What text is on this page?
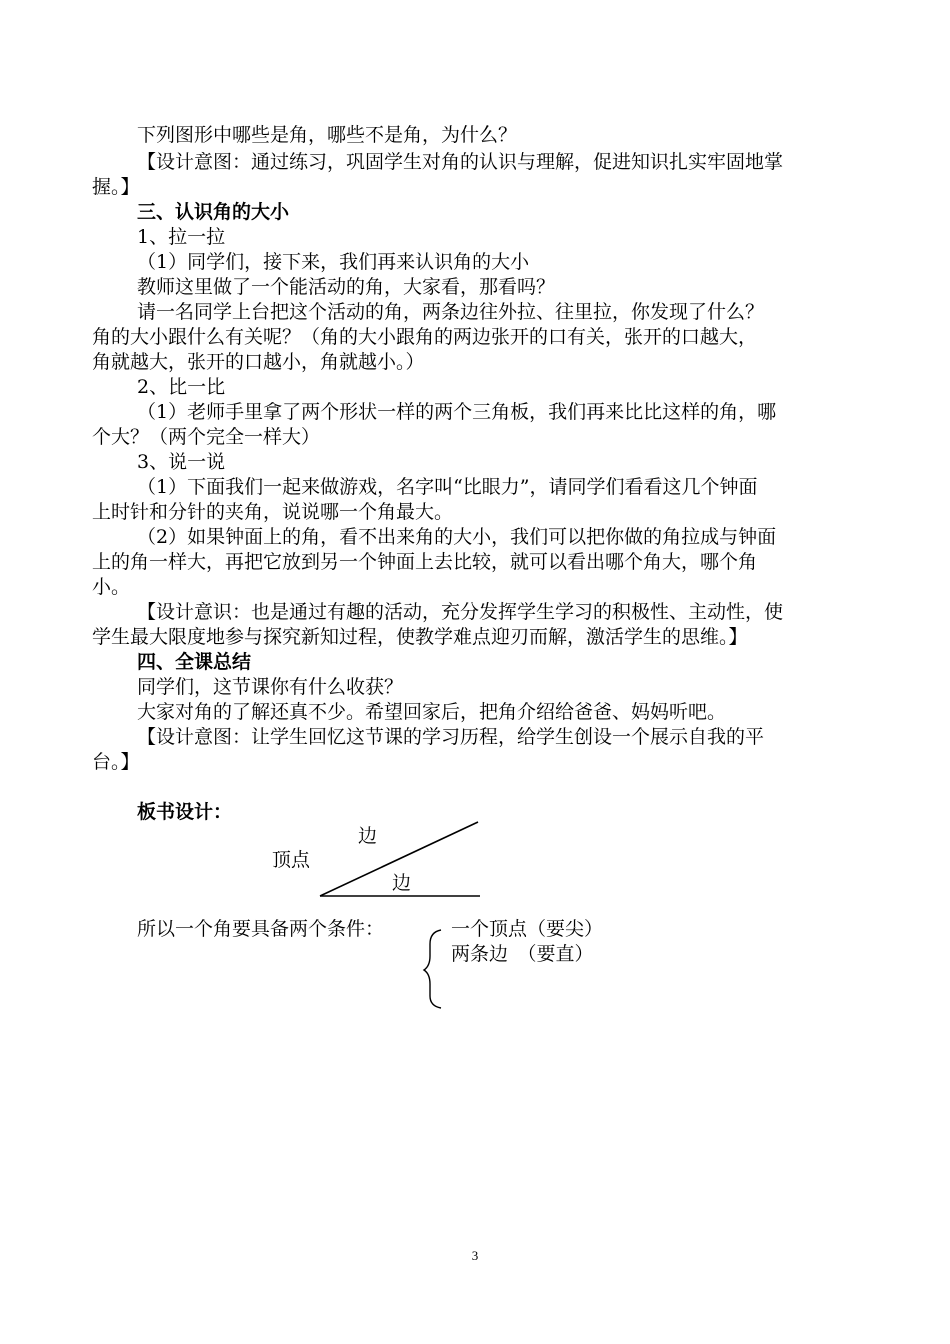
下列图形中哪些是角，哪些不是角，为什么？
【设计意图：通过练习，巩固学生对角的认识与理解，促进知识扎实牢固地掌
握。】
三、认识角的大小
1、拉一拉
（1）同学们，接下来，我们再来认识角的大小
教师这里做了一个能活动的角，大家看，那看吗？
请一名同学上台把这个活动的角，两条边往外拉、往里拉，你发现了什么？
角的大小跟什么有关呢？（角的大小跟角的两边张开的口有关，张开的口越大，
角就越大，张开的口越小，角就越小。）
2、比一比
（1）老师手里拿了两个形状一样的两个三角板，我们再来比比这样的角，哪
个大？（两个完全一样大）
3、说一说
（1）下面我们一起来做游戏，名字叫“比眼力”，请同学们看看这几个钟面
上时针和分针的夹角，说说哪一个角最大。
（2）如果钟面上的角，看不出来角的大小，我们可以把你做的角拉成与钟面
上的角一样大，再把它放到另一个钟面上去比较，就可以看出哪个角大，哪个角
小。
【设计意识：也是通过有趣的活动，充分发挥学生学习的积极性、主动性，使
学生最大限度地参与探究新知过程，使教学难点迎刃而解，激活学生的思维。】
四、全课总结
同学们，这节课你有什么收获？
大家对角的了解还真不少。希望回家后，把角介绍给爸爸、妈妈听吧。
【设计意图：让学生回忆这节课的学习历程，给学生创设一个展示自我的平
台。】
板书设计：
边
顶点
边
所以一个角要具备两个条件：	一个顶点（要尖）
两条边　（要直）
3
